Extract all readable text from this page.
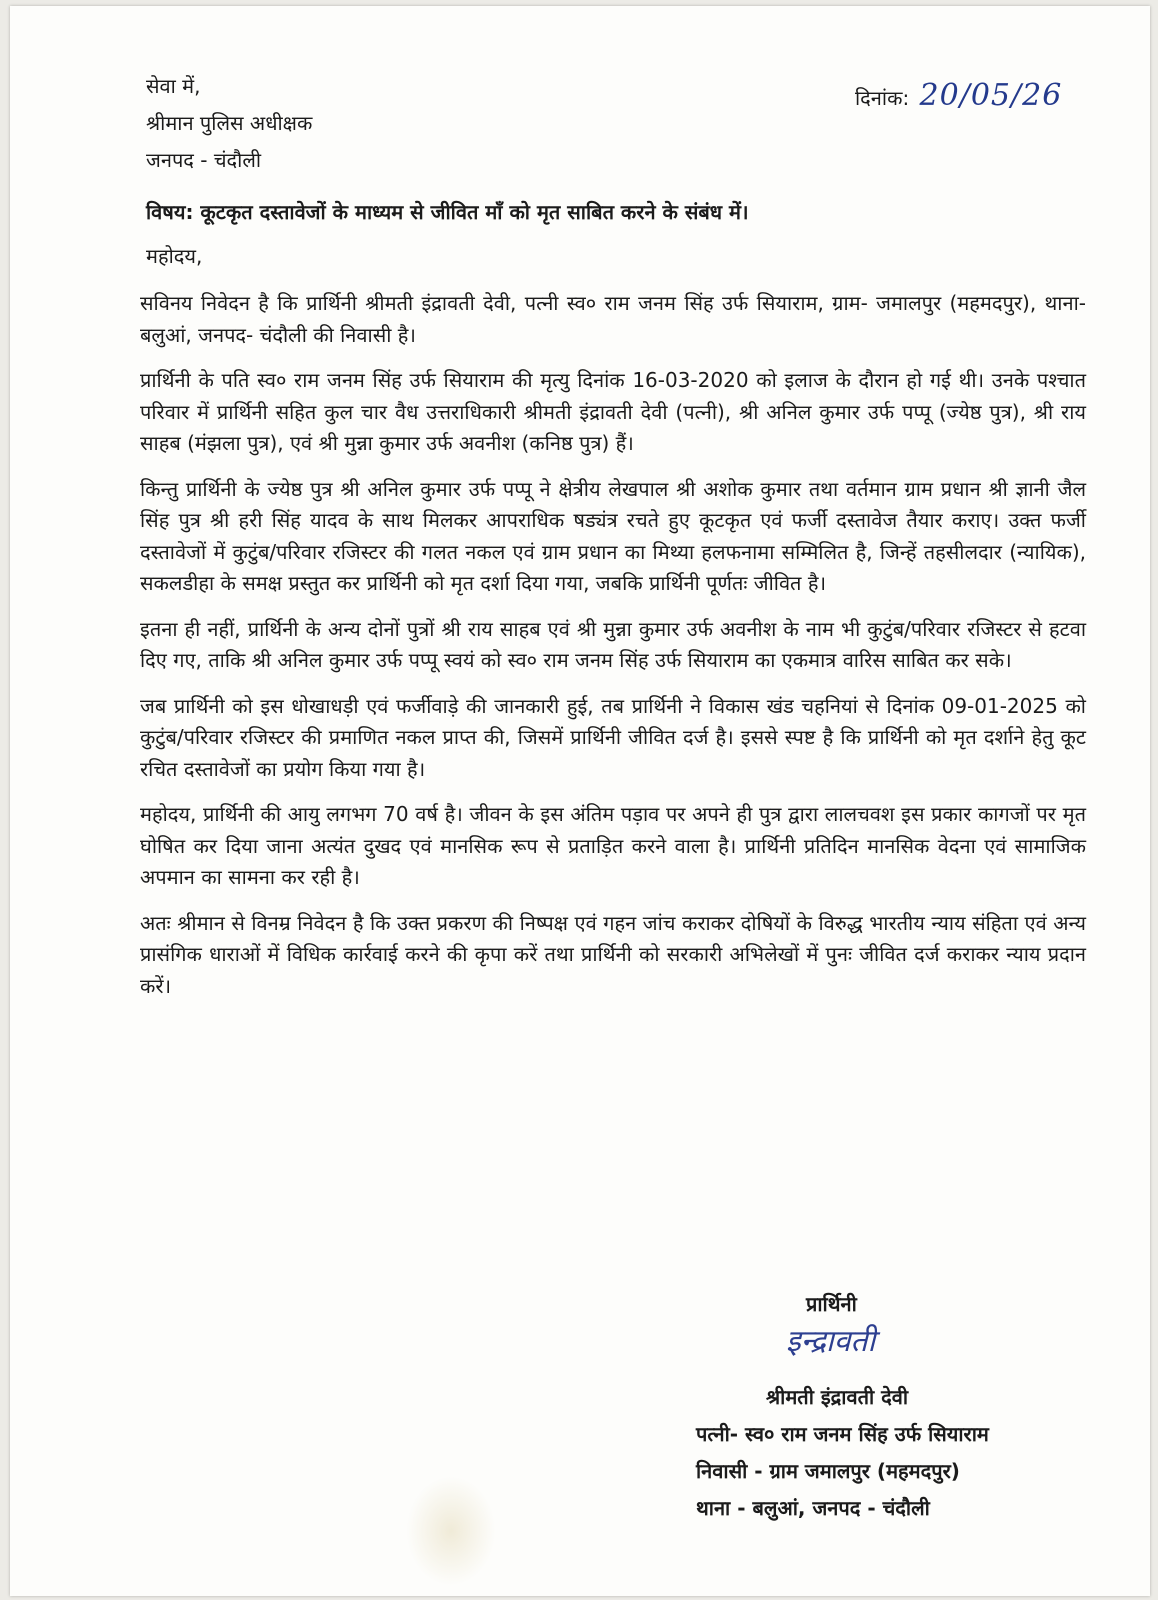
सेवा में,
श्रीमान पुलिस अधीक्षक
जनपद - चंदौली
दिनांक: 20/05/26
विषय: कूटकृत दस्तावेजों के माध्यम से जीवित माँ को मृत साबित करने के संबंध में।
महोदय,

सविनय निवेदन है कि प्रार्थिनी श्रीमती इंद्रावती देवी, पत्नी स्व० राम जनम सिंह उर्फ सियाराम, ग्राम- जमालपुर (महमदपुर), थाना- बलुआं, जनपद- चंदौली की निवासी है।

प्रार्थिनी के पति स्व० राम जनम सिंह उर्फ सियाराम की मृत्यु दिनांक 16-03-2020 को इलाज के दौरान हो गई थी। उनके पश्चात परिवार में प्रार्थिनी सहित कुल चार वैध उत्तराधिकारी श्रीमती इंद्रावती देवी (पत्नी), श्री अनिल कुमार उर्फ पप्पू (ज्येष्ठ पुत्र), श्री राय साहब (मंझला पुत्र), एवं श्री मुन्ना कुमार उर्फ अवनीश (कनिष्ठ पुत्र) हैं।

किन्तु प्रार्थिनी के ज्येष्ठ पुत्र श्री अनिल कुमार उर्फ पप्पू ने क्षेत्रीय लेखपाल श्री अशोक कुमार तथा वर्तमान ग्राम प्रधान श्री ज्ञानी जैल सिंह पुत्र श्री हरी सिंह यादव के साथ मिलकर आपराधिक षड्यंत्र रचते हुए कूटकृत एवं फर्जी दस्तावेज तैयार कराए। उक्त फर्जी दस्तावेजों में कुटुंब/परिवार रजिस्टर की गलत नकल एवं ग्राम प्रधान का मिथ्या हलफनामा सम्मिलित है, जिन्हें तहसीलदार (न्यायिक), सकलडीहा के समक्ष प्रस्तुत कर प्रार्थिनी को मृत दर्शा दिया गया, जबकि प्रार्थिनी पूर्णतः जीवित है।

इतना ही नहीं, प्रार्थिनी के अन्य दोनों पुत्रों श्री राय साहब एवं श्री मुन्ना कुमार उर्फ अवनीश के नाम भी कुटुंब/परिवार रजिस्टर से हटवा दिए गए, ताकि श्री अनिल कुमार उर्फ पप्पू स्वयं को स्व० राम जनम सिंह उर्फ सियाराम का एकमात्र वारिस साबित कर सके।

जब प्रार्थिनी को इस धोखाधड़ी एवं फर्जीवाड़े की जानकारी हुई, तब प्रार्थिनी ने विकास खंड चहनियां से दिनांक 09-01-2025 को कुटुंब/परिवार रजिस्टर की प्रमाणित नकल प्राप्त की, जिसमें प्रार्थिनी जीवित दर्ज है। इससे स्पष्ट है कि प्रार्थिनी को मृत दर्शाने हेतु कूट रचित दस्तावेजों का प्रयोग किया गया है।

महोदय, प्रार्थिनी की आयु लगभग 70 वर्ष है। जीवन के इस अंतिम पड़ाव पर अपने ही पुत्र द्वारा लालचवश इस प्रकार कागजों पर मृत घोषित कर दिया जाना अत्यंत दुखद एवं मानसिक रूप से प्रताड़ित करने वाला है। प्रार्थिनी प्रतिदिन मानसिक वेदना एवं सामाजिक अपमान का सामना कर रही है।

अतः श्रीमान से विनम्र निवेदन है कि उक्त प्रकरण की निष्पक्ष एवं गहन जांच कराकर दोषियों के विरुद्ध भारतीय न्याय संहिता एवं अन्य प्रासंगिक धाराओं में विधिक कार्रवाई करने की कृपा करें तथा प्रार्थिनी को सरकारी अभिलेखों में पुनः जीवित दर्ज कराकर न्याय प्रदान करें।

प्रार्थिनी
इन्द्रावती
श्रीमती इंद्रावती देवी
पत्नी- स्व० राम जनम सिंह उर्फ सियाराम
निवासी - ग्राम जमालपुर (महमदपुर)
थाना - बलुआं, जनपद - चंदौली
